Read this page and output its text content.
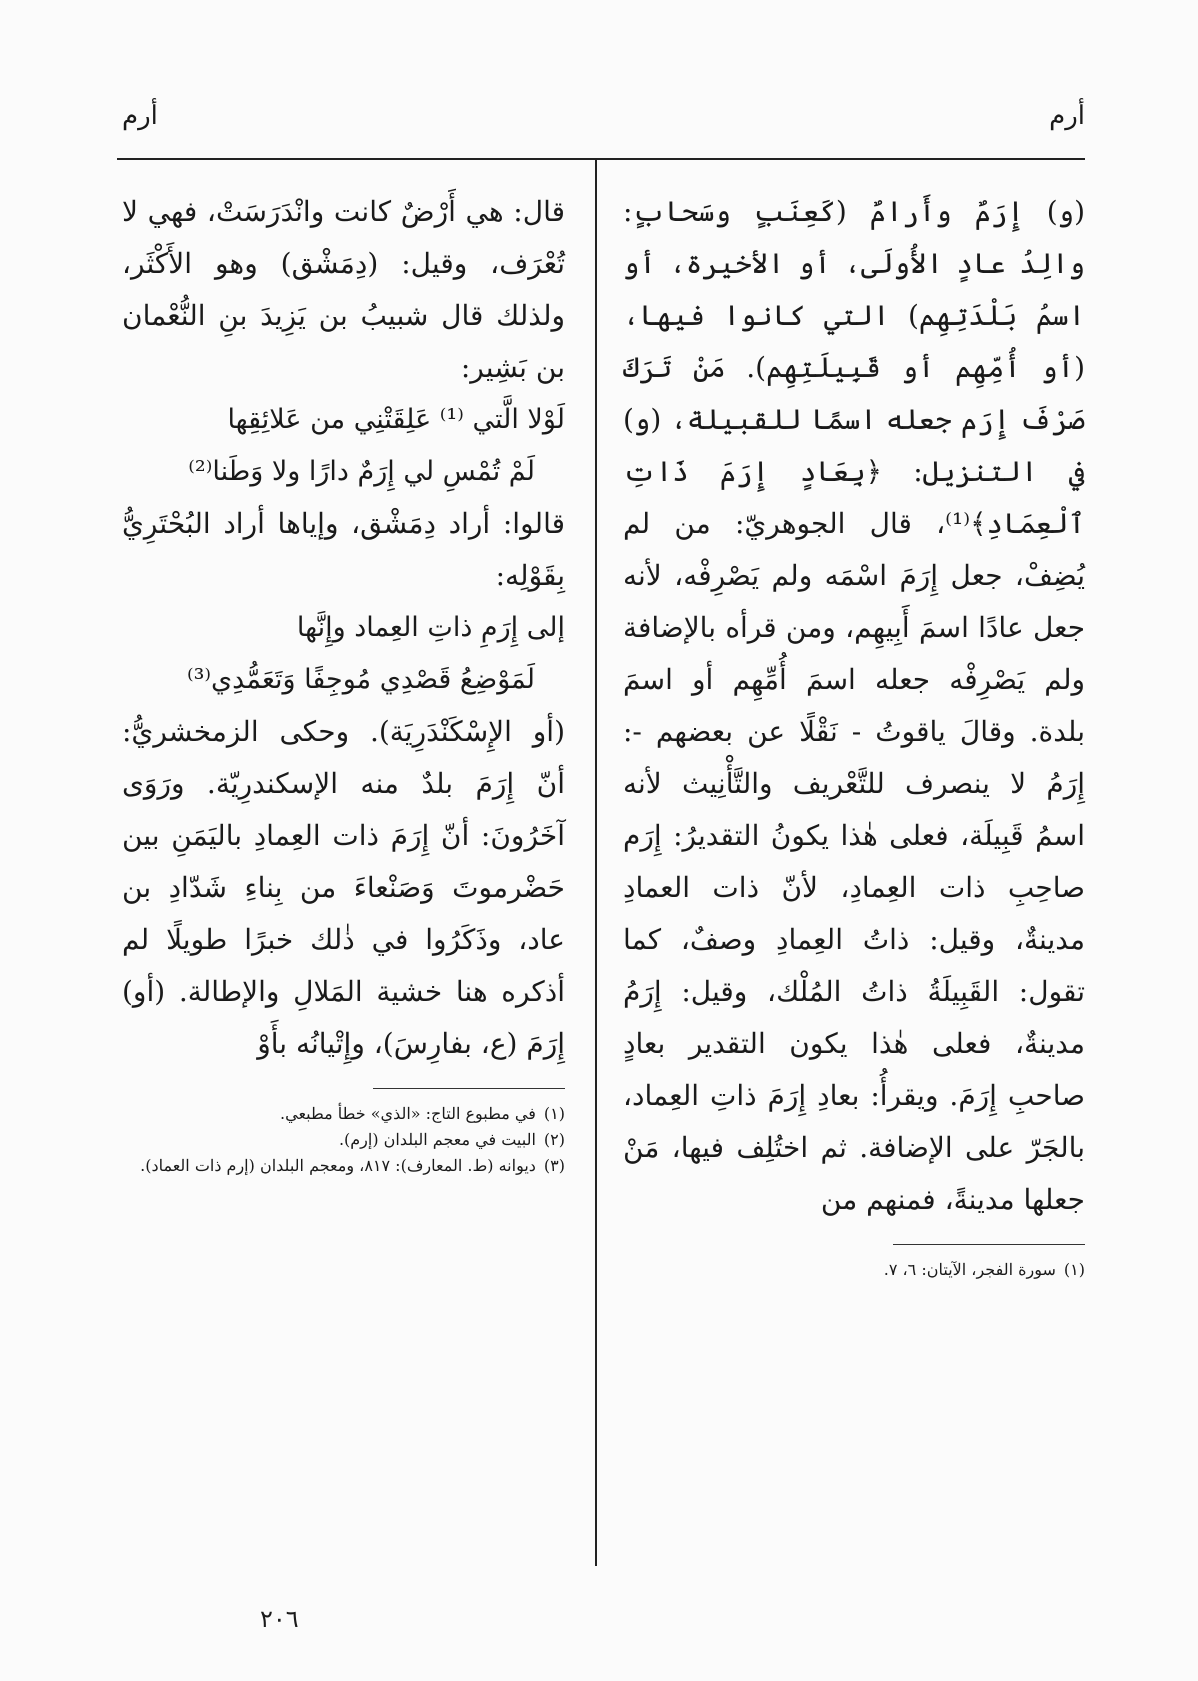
أرم
أرم

(و) إِرَمٌ وأَرامٌ (كَعِنَبٍ وسَحابٍ: والِدُ عادٍ الأُولَى، أو الأخيرة، أو اسمُ بَلْدَتِهِم) التي كانوا فيها، (أو أُمِّهِم أو قَبِيلَتِهِم). مَنْ تَرَكَ صَرْفَ إِرَم جعله اسمًا للقبيلة، (و) في التنزيل: ﴿بِعَادٍ إِرَمَ ذَاتِ ٱلْعِمَادِ﴾⁽¹⁾، قال الجوهريّ: من لم يُضِفْ، جعل إِرَمَ اسْمَه ولم يَصْرِفْه، لأنه جعل عادًا اسمَ أَبِيهِم، ومن قرأه بالإضافة ولم يَصْرِفْه جعله اسمَ أُمِّهِم أو اسمَ بلدة. وقالَ ياقوتُ - نَقْلًا عن بعضهم -: إِرَمُ لا ينصرف للتَّعْريف والتَّأْنِيث لأنه اسمُ قَبِيلَة، فعلى هٰذا يكونُ التقديرُ: إِرَم صاحِبِ ذات العِمادِ، لأنّ ذات العمادِ مدينةٌ، وقيل: ذاتُ العِمادِ وصفٌ، كما تقول: القَبِيلَةُ ذاتُ المُلْك، وقيل: إِرَمُ مدينةٌ، فعلى هٰذا يكون التقدير بعادٍ صاحبِ إِرَمَ. ويقرأُ: بعادِ إِرَمَ ذاتِ العِماد، بالجَرّ على الإضافة. ثم اختُلِف فيها، مَنْ جعلها مدينةً، فمنهم من

(١)
سورة الفجر، الآيتان: ٦، ٧.

قال: هي أَرْضٌ كانت وانْدَرَسَتْ، فهي لا تُعْرَف، وقيل: (دِمَشْق) وهو الأَكْثَر، ولذلك قال شبيبُ بن يَزِيدَ بنِ النُّعْمان بن بَشِير:

لَوْلا الَّتي ⁽¹⁾ عَلِقَتْنِي من عَلائِقِها
لَمْ تُمْسِ لي إِرَمٌ دارًا ولا وَطَنا⁽²⁾

قالوا: أراد دِمَشْق، وإياها أراد البُحْتَرِيُّ بِقَوْلِه:

إلى إِرَمِ ذاتِ العِماد وإِنَّها
لَمَوْضِعُ قَصْدِي مُوجِفًا وَتَعَمُّدِي⁽³⁾

(أو الإِسْكَنْدَرِيَة). وحكى الزمخشريُّ: أنّ إِرَمَ بلدٌ منه الإسكندرِيّة. ورَوَى آخَرُونَ: أنّ إِرَمَ ذات العِمادِ باليَمَنِ بين حَضْرموتَ وَصَنْعاءَ من بِناءِ شَدّادِ بن عاد، وذَكَرُوا في ذٰلك خبرًا طويلًا لم أذكره هنا خشية المَلالِ والإطالة. (أو) إِرَمَ (ع، بفارِسَ)، وإِتْيانُه بأَوْ

(١)
في مطبوع التاج: «الذي» خطأ مطبعي.
(٢)
البيت في معجم البلدان (إرم).
(٣)
ديوانه (ط. المعارف): ٨١٧، ومعجم البلدان (إرم ذات العماد).
٢٠٦
